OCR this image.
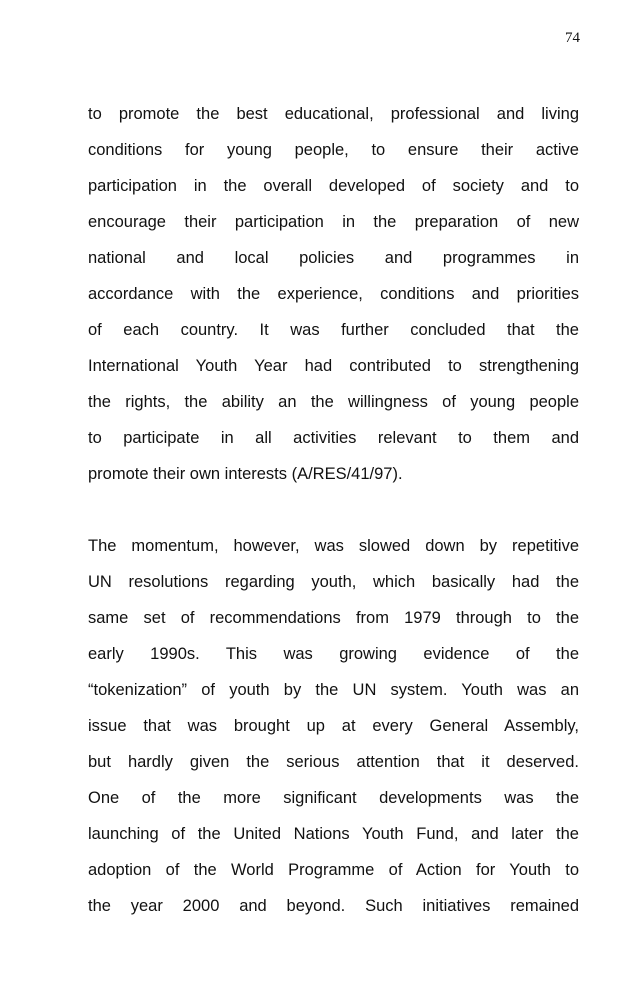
74
to promote the best educational, professional and living
conditions for young people, to ensure their active
participation in the overall developed of society and to
encourage their participation in the preparation of new
national and local policies and programmes in
accordance with the experience, conditions and priorities
of each country. It was further concluded that the
International Youth Year had contributed to strengthening
the rights, the ability an the willingness of young people
to participate in all activities relevant to them and
promote their own interests (A/RES/41/97).
The momentum, however, was slowed down by repetitive
UN resolutions regarding youth, which basically had the
same set of recommendations from 1979 through to the
early 1990s. This was growing evidence of the
“tokenization” of youth by the UN system. Youth was an
issue that was brought up at every General Assembly,
but hardly given the serious attention that it deserved.
One of the more significant developments was the
launching of the United Nations Youth Fund, and later the
adoption of the World Programme of Action for Youth to
the year 2000 and beyond. Such initiatives remained
